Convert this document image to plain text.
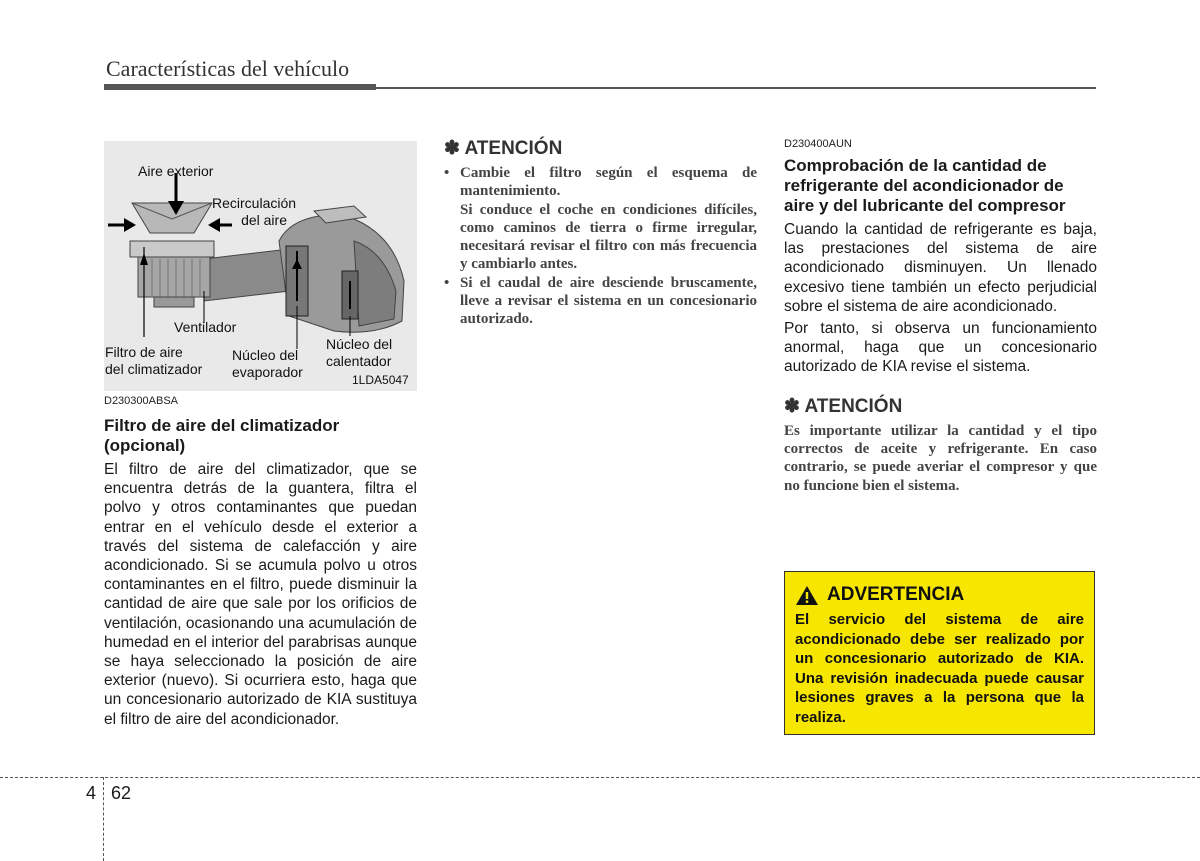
Características del vehículo
Aire exterior
Recirculación
del aire
Ventilador
Filtro de aire
del climatizador
Núcleo del
evaporador
Núcleo del
calentador
1LDA5047
D230300ABSA
Filtro de aire del climatizador
(opcional)

El filtro de aire del climatizador, que se encuentra detrás de la guantera, filtra el polvo y otros contaminantes que puedan entrar en el vehículo desde el exterior a través del sistema de calefacción y aire acondicionado. Si se acumula polvo u otros contaminantes en el filtro, puede disminuir la cantidad de aire que sale por los orificios de ventilación, ocasionando una acumulación de humedad en el interior del parabrisas aunque se haya seleccionado la posición de aire exterior (nuevo). Si ocurriera esto, haga que un concesionario autorizado de KIA sustituya el filtro de aire del acondicionador.

✽ ATENCIÓN
• Cambie el filtro según el esquema de mantenimiento.
Si conduce el coche en condiciones difíciles, como caminos de tierra o firme irregular, necesitará revisar el filtro con más frecuencia y cambiarlo antes.
• Si el caudal de aire desciende bruscamente, lleve a revisar el sistema en un concesionario autorizado.
D230400AUN
Comprobación de la cantidad de refrigerante del acondicionador de aire y del lubricante del compresor

Cuando la cantidad de refrigerante es baja, las prestaciones del sistema de aire acondicionado disminuyen. Un llenado excesivo tiene también un efecto perjudicial sobre el sistema de aire acondicionado.

Por tanto, si observa un funcionamiento anormal, haga que un concesionario autorizado de KIA revise el sistema.

✽ ATENCIÓN
Es importante utilizar la cantidad y el tipo correctos de aceite y refrigerante. En caso contrario, se puede averiar el compresor y que no funcione bien el sistema.
ADVERTENCIA
El servicio del sistema de aire acondicionado debe ser realizado por un concesionario autorizado de KIA. Una revisión inadecuada puede causar lesiones graves a la persona que la realiza.
4 62
